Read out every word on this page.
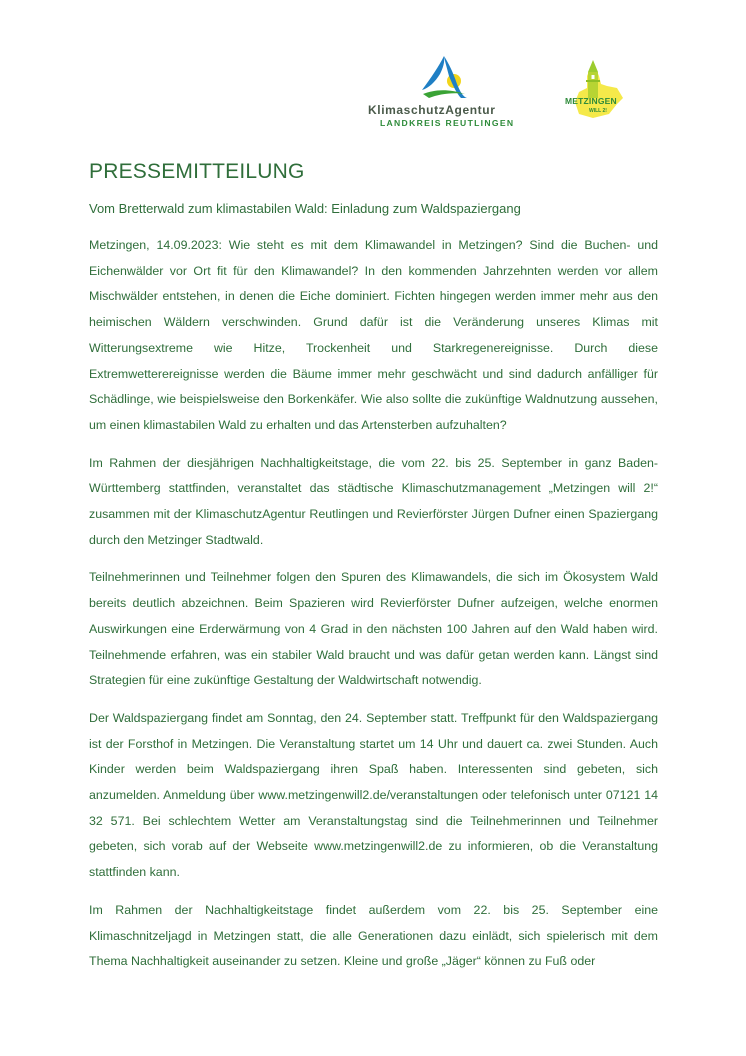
KlimaschutzAgentur
LANDKREIS REUTLINGEN
METZINGEN
WILL 2!
PRESSEMITTEILUNG
Vom Bretterwald zum klimastabilen Wald: Einladung zum Waldspaziergang

Metzingen, 14.09.2023: Wie steht es mit dem Klimawandel in Metzingen? Sind die Buchen- und Eichenwälder vor Ort fit für den Klimawandel? In den kommenden Jahrzehnten werden vor allem Mischwälder entstehen, in denen die Eiche dominiert. Fichten hingegen werden immer mehr aus den heimischen Wäldern verschwinden. Grund dafür ist die Veränderung unseres Klimas mit Witterungsextreme wie Hitze, Trockenheit und Starkregenereignisse. Durch diese Extremwetterereignisse werden die Bäume immer mehr geschwächt und sind dadurch anfälliger für Schädlinge, wie beispielsweise den Borkenkäfer. Wie also sollte die zukünftige Waldnutzung aussehen, um einen klimastabilen Wald zu erhalten und das Artensterben aufzuhalten?

Im Rahmen der diesjährigen Nachhaltigkeitstage, die vom 22. bis 25. September in ganz Baden-Württemberg stattfinden, veranstaltet das städtische Klimaschutzmanagement „Metzingen will 2!“ zusammen mit der KlimaschutzAgentur Reutlingen und Revierförster Jürgen Dufner einen Spaziergang durch den Metzinger Stadtwald.

Teilnehmerinnen und Teilnehmer folgen den Spuren des Klimawandels, die sich im Ökosystem Wald bereits deutlich abzeichnen. Beim Spazieren wird Revierförster Dufner aufzeigen, welche enormen Auswirkungen eine Erderwärmung von 4 Grad in den nächsten 100 Jahren auf den Wald haben wird. Teilnehmende erfahren, was ein stabiler Wald braucht und was dafür getan werden kann. Längst sind Strategien für eine zukünftige Gestaltung der Waldwirtschaft notwendig.

Der Waldspaziergang findet am Sonntag, den 24. September statt. Treffpunkt für den Waldspaziergang ist der Forsthof in Metzingen. Die Veranstaltung startet um 14 Uhr und dauert ca. zwei Stunden. Auch Kinder werden beim Waldspaziergang ihren Spaß haben. Interessenten sind gebeten, sich anzumelden. Anmeldung über www.metzingenwill2.de/veranstaltungen oder telefonisch unter 07121 14 32 571. Bei schlechtem Wetter am Veranstaltungstag sind die Teilnehmerinnen und Teilnehmer gebeten, sich vorab auf der Webseite www.metzingenwill2.de zu informieren, ob die Veranstaltung stattfinden kann.

Im Rahmen der Nachhaltigkeitstage findet außerdem vom 22. bis 25. September eine Klimaschnitzeljagd in Metzingen statt, die alle Generationen dazu einlädt, sich spielerisch mit dem Thema Nachhaltigkeit auseinander zu setzen. Kleine und große „Jäger“ können zu Fuß oder
